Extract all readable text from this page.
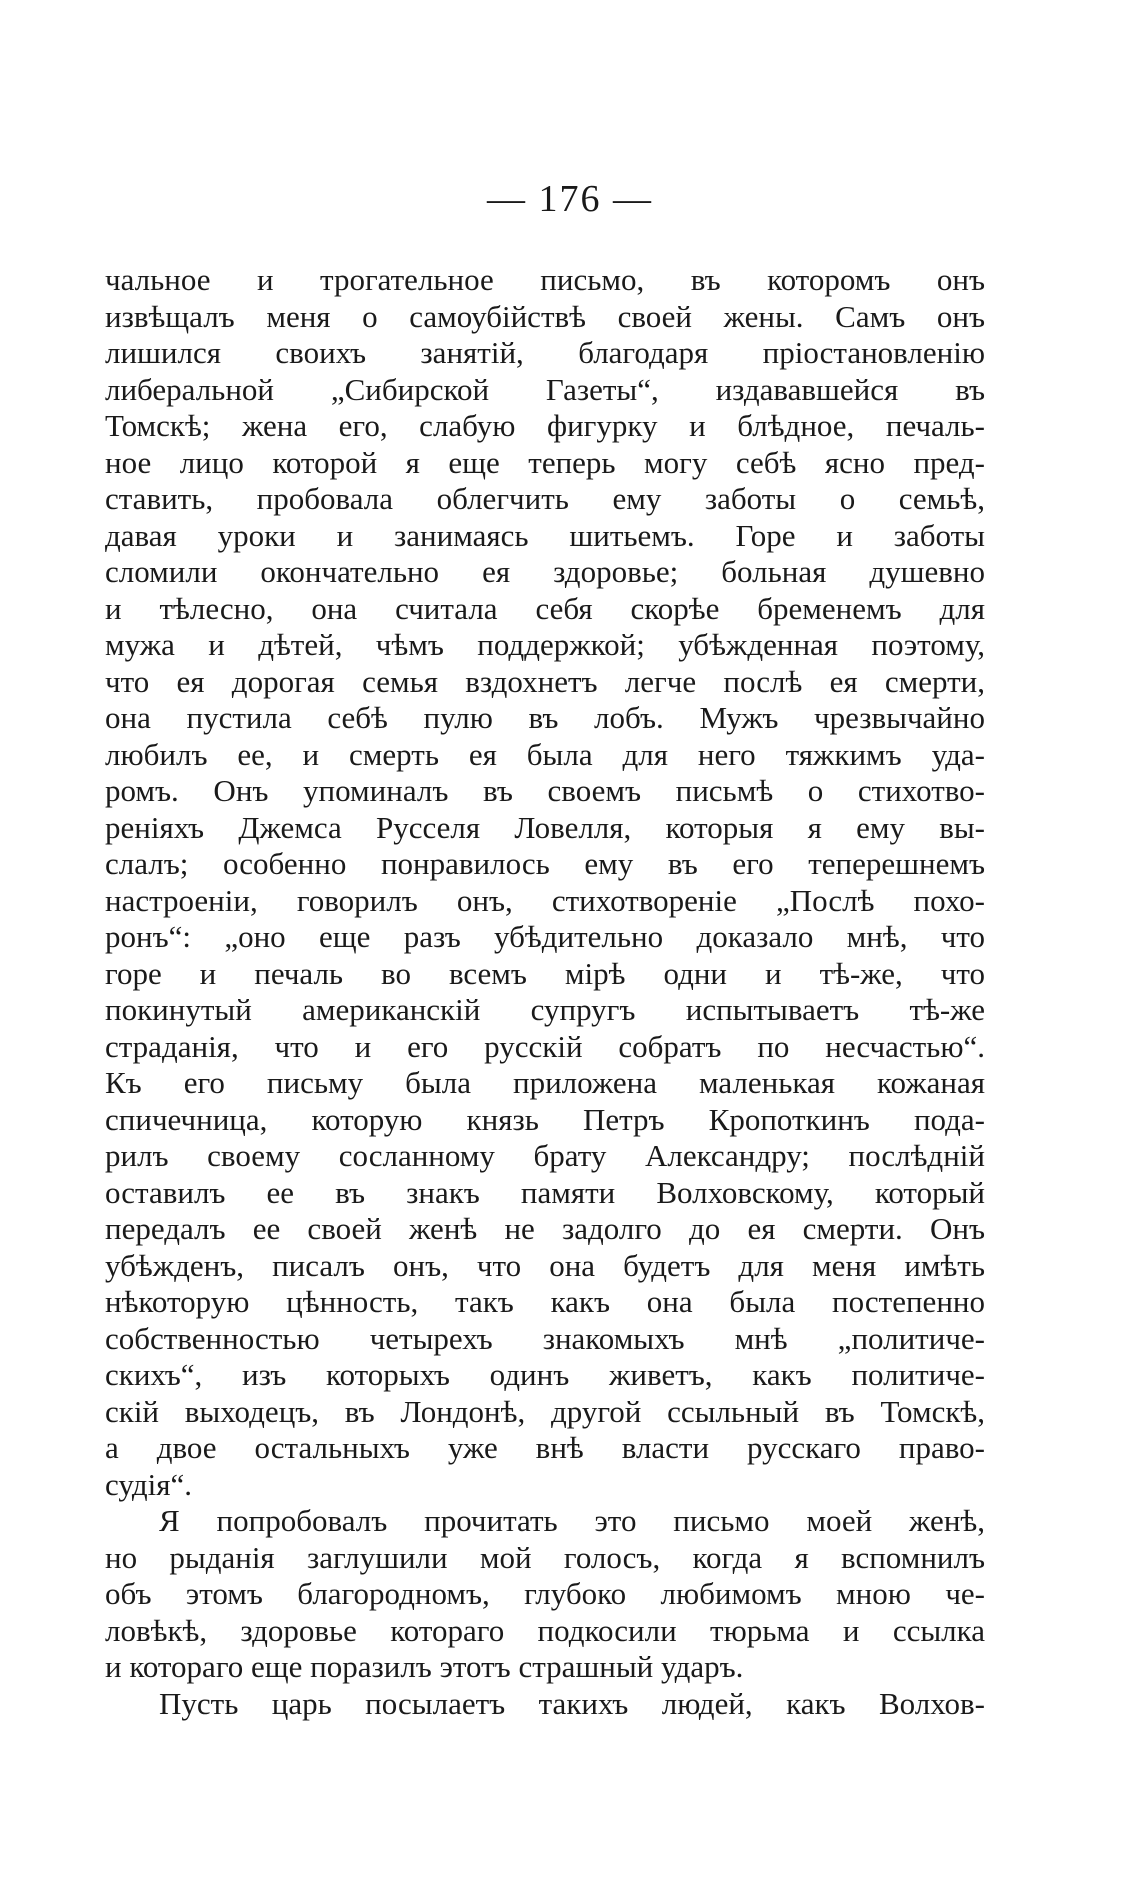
— 176 —
чальное и трогательное письмо, въ которомъ онъ
извѣщалъ меня о самоубійствѣ своей жены. Самъ онъ
лишился своихъ занятій, благодаря пріостановленію
либеральной „Сибирской Газеты“, издававшейся въ
Томскѣ; жена его, слабую фигурку и блѣдное, печаль-
ное лицо которой я еще теперь могу себѣ ясно пред-
ставить, пробовала облегчить ему заботы о семьѣ,
давая уроки и занимаясь шитьемъ. Горе и заботы
сломили окончательно ея здоровье; больная душевно
и тѣлесно, она считала себя скорѣе бременемъ для
мужа и дѣтей, чѣмъ поддержкой; убѣжденная поэтому,
что ея дорогая семья вздохнетъ легче послѣ ея смерти,
она пустила себѣ пулю въ лобъ. Мужъ чрезвычайно
любилъ ее, и смерть ея была для него тяжкимъ уда-
ромъ. Онъ упоминалъ въ своемъ письмѣ о стихотво-
реніяхъ Джемса Русселя Ловелля, которыя я ему вы-
слалъ; особенно понравилось ему въ его теперешнемъ
настроеніи, говорилъ онъ, стихотвореніе „Послѣ похо-
ронъ“: „оно еще разъ убѣдительно доказало мнѣ, что
горе и печаль во всемъ мірѣ одни и тѣ-же, что
покинутый американскій супругъ испытываетъ тѣ-же
страданія, что и его русскій собратъ по несчастью“.
Къ его письму была приложена маленькая кожаная
спичечница, которую князь Петръ Кропоткинъ пода-
рилъ своему сосланному брату Александру; послѣдній
оставилъ ее въ знакъ памяти Волховскому, который
передалъ ее своей женѣ не задолго до ея смерти. Онъ
убѣжденъ, писалъ онъ, что она будетъ для меня имѣть
нѣкоторую цѣнность, такъ какъ она была постепенно
собственностью четырехъ знакомыхъ мнѣ „политиче-
скихъ“, изъ которыхъ одинъ живетъ, какъ политиче-
скій выходецъ, въ Лондонѣ, другой ссыльный въ Томскѣ,
а двое остальныхъ уже внѣ власти русскаго право-
судія“.
Я попробовалъ прочитать это письмо моей женѣ,
но рыданія заглушили мой голосъ, когда я вспомнилъ
объ этомъ благородномъ, глубоко любимомъ мною че-
ловѣкѣ, здоровье котораго подкосили тюрьма и ссылка
и котораго еще поразилъ этотъ страшный ударъ.
Пусть царь посылаетъ такихъ людей, какъ Волхов-
